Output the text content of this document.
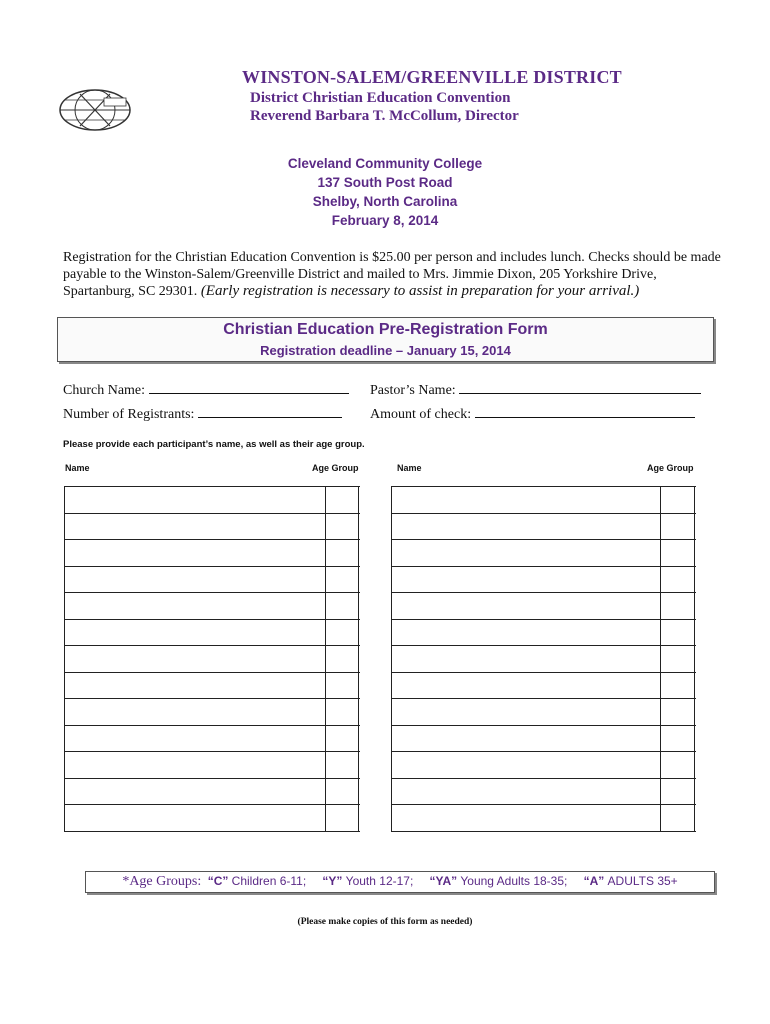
WINSTON-SALEM/GREENVILLE DISTRICT
District Christian Education Convention
Reverend Barbara T. McCollum, Director
Cleveland Community College
137 South Post Road
Shelby, North Carolina
February 8, 2014
Registration for the Christian Education Convention is $25.00 per person and includes lunch. Checks should be made payable to the Winston-Salem/Greenville District and mailed to Mrs. Jimmie Dixon, 205 Yorkshire Drive, Spartanburg, SC 29301. (Early registration is necessary to assist in preparation for your arrival.)
Christian Education Pre-Registration Form
Registration deadline – January 15, 2014
Church Name:	Pastor’s Name:
Number of Registrants:	Amount of check:
Please provide each participant’s name, as well as their age group.
Name	Age Group	Name	Age Group
*Age Groups: “C” Children 6-11; “Y” Youth 12-17; “YA” Young Adults 18-35; “A” ADULTS 35+
(Please make copies of this form as needed)
